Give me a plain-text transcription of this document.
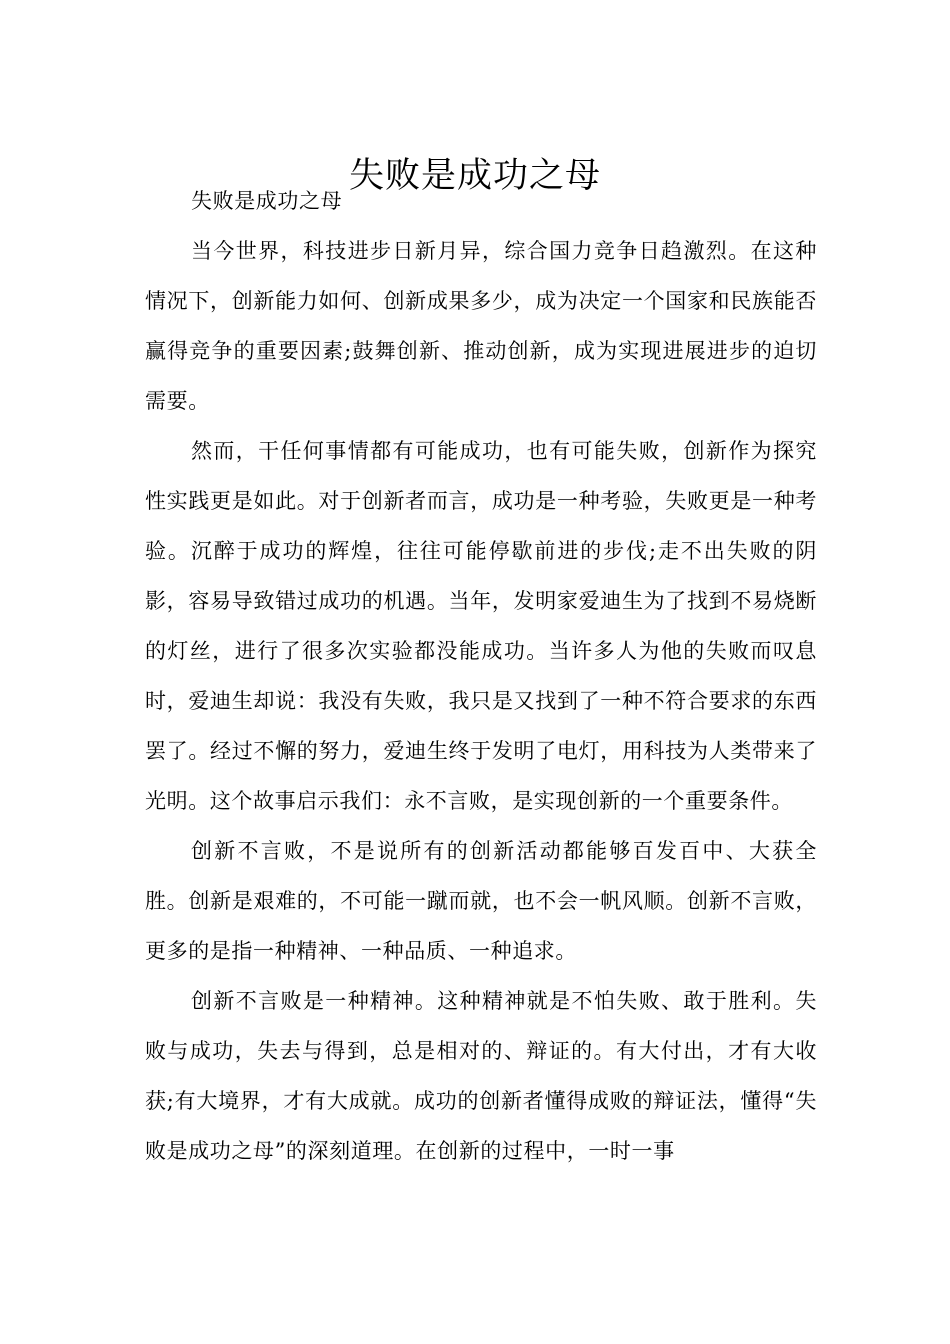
失败是成功之母

失败是成功之母

当今世界，科技进步日新月异，综合国力竞争日趋激烈。在这种情况下，创新能力如何、创新成果多少，成为决定一个国家和民族能否赢得竞争的重要因素;鼓舞创新、推动创新，成为实现进展进步的迫切需要。

然而，干任何事情都有可能成功，也有可能失败，创新作为探究性实践更是如此。对于创新者而言，成功是一种考验，失败更是一种考验。沉醉于成功的辉煌，往往可能停歇前进的步伐;走不出失败的阴影，容易导致错过成功的机遇。当年，发明家爱迪生为了找到不易烧断的灯丝，进行了很多次实验都没能成功。当许多人为他的失败而叹息时，爱迪生却说：我没有失败，我只是又找到了一种不符合要求的东西罢了。经过不懈的努力，爱迪生终于发明了电灯，用科技为人类带来了光明。这个故事启示我们：永不言败，是实现创新的一个重要条件。

创新不言败，不是说所有的创新活动都能够百发百中、大获全胜。创新是艰难的，不可能一蹴而就，也不会一帆风顺。创新不言败，更多的是指一种精神、一种品质、一种追求。

创新不言败是一种精神。这种精神就是不怕失败、敢于胜利。失败与成功，失去与得到，总是相对的、辩证的。有大付出，才有大收获;有大境界，才有大成就。成功的创新者懂得成败的辩证法，懂得“失败是成功之母”的深刻道理。在创新的过程中，一时一事
